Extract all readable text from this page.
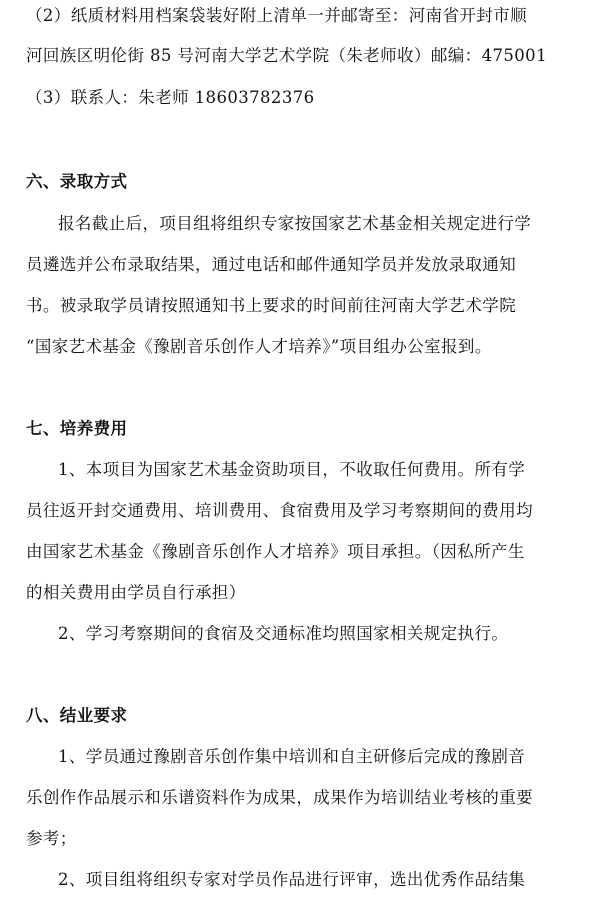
（2）纸质材料用档案袋装好附上清单一并邮寄至：河南省开封市顺
河回族区明伦街 85 号河南大学艺术学院（朱老师收）邮编：475001
（3）联系人：朱老师 18603782376
六、录取方式
报名截止后，项目组将组织专家按国家艺术基金相关规定进行学
员遴选并公布录取结果，通过电话和邮件通知学员并发放录取通知
书。被录取学员请按照通知书上要求的时间前往河南大学艺术学院
“国家艺术基金《豫剧音乐创作人才培养》”项目组办公室报到。
七、培养费用
1、本项目为国家艺术基金资助项目，不收取任何费用。所有学
员往返开封交通费用、培训费用、食宿费用及学习考察期间的费用均
由国家艺术基金《豫剧音乐创作人才培养》项目承担。（因私所产生
的相关费用由学员自行承担）
2、学习考察期间的食宿及交通标准均照国家相关规定执行。
八、结业要求
1、学员通过豫剧音乐创作集中培训和自主研修后完成的豫剧音
乐创作作品展示和乐谱资料作为成果，成果作为培训结业考核的重要
参考；
2、项目组将组织专家对学员作品进行评审，选出优秀作品结集
